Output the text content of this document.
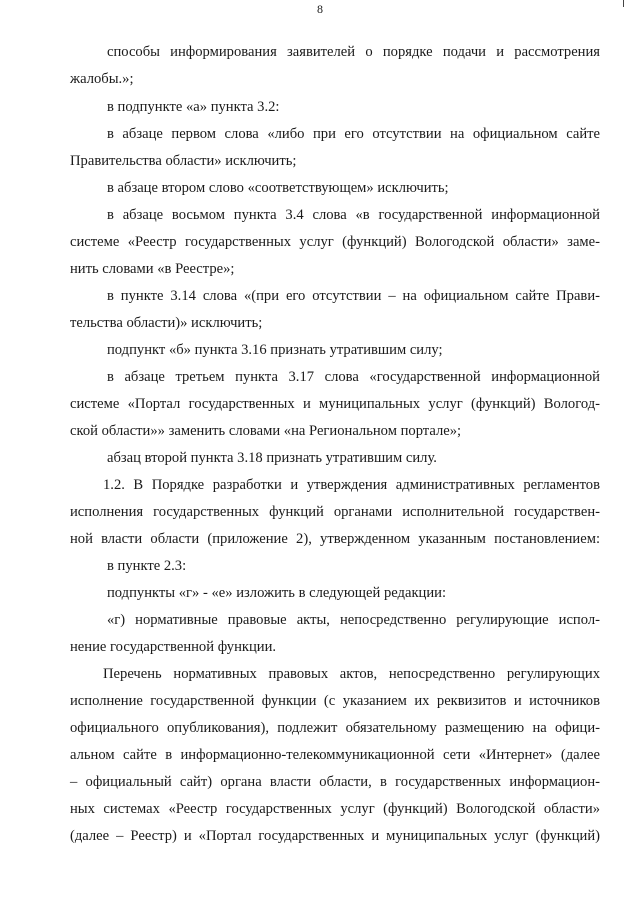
8
способы информирования заявителей о порядке подачи и рассмотрения
жалобы.»;
в подпункте «а» пункта 3.2:
в абзаце первом слова «либо при его отсутствии на официальном сайте
Правительства области» исключить;
в абзаце втором слово «соответствующем» исключить;
в абзаце восьмом пункта 3.4 слова «в государственной информационной
системе «Реестр государственных услуг (функций) Вологодской области» заме-
нить словами «в Реестре»;
в пункте 3.14 слова «(при его отсутствии – на официальном сайте Прави-
тельства области)» исключить;
подпункт «б» пункта 3.16 признать утратившим силу;
в абзаце третьем пункта 3.17 слова «государственной информационной
системе «Портал государственных и муниципальных услуг (функций) Вологод-
ской области»» заменить словами «на Региональном портале»;
абзац второй пункта 3.18 признать утратившим силу.
1.2. В Порядке разработки и утверждения административных регламентов
исполнения государственных функций органами исполнительной государствен-
ной власти области (приложение 2), утвержденном указанным постановлением:
в пункте 2.3:
подпункты «г» - «е» изложить в следующей редакции:
«г) нормативные правовые акты, непосредственно регулирующие испол-
нение государственной функции.
Перечень нормативных правовых актов, непосредственно регулирующих
исполнение государственной функции (с указанием их реквизитов и источников
официального опубликования), подлежит обязательному размещению на офици-
альном сайте в информационно-телекоммуникационной сети «Интернет» (далее
– официальный сайт) органа власти области, в государственных информацион-
ных системах «Реестр государственных услуг (функций) Вологодской области»
(далее – Реестр) и «Портал государственных и муниципальных услуг (функций)
